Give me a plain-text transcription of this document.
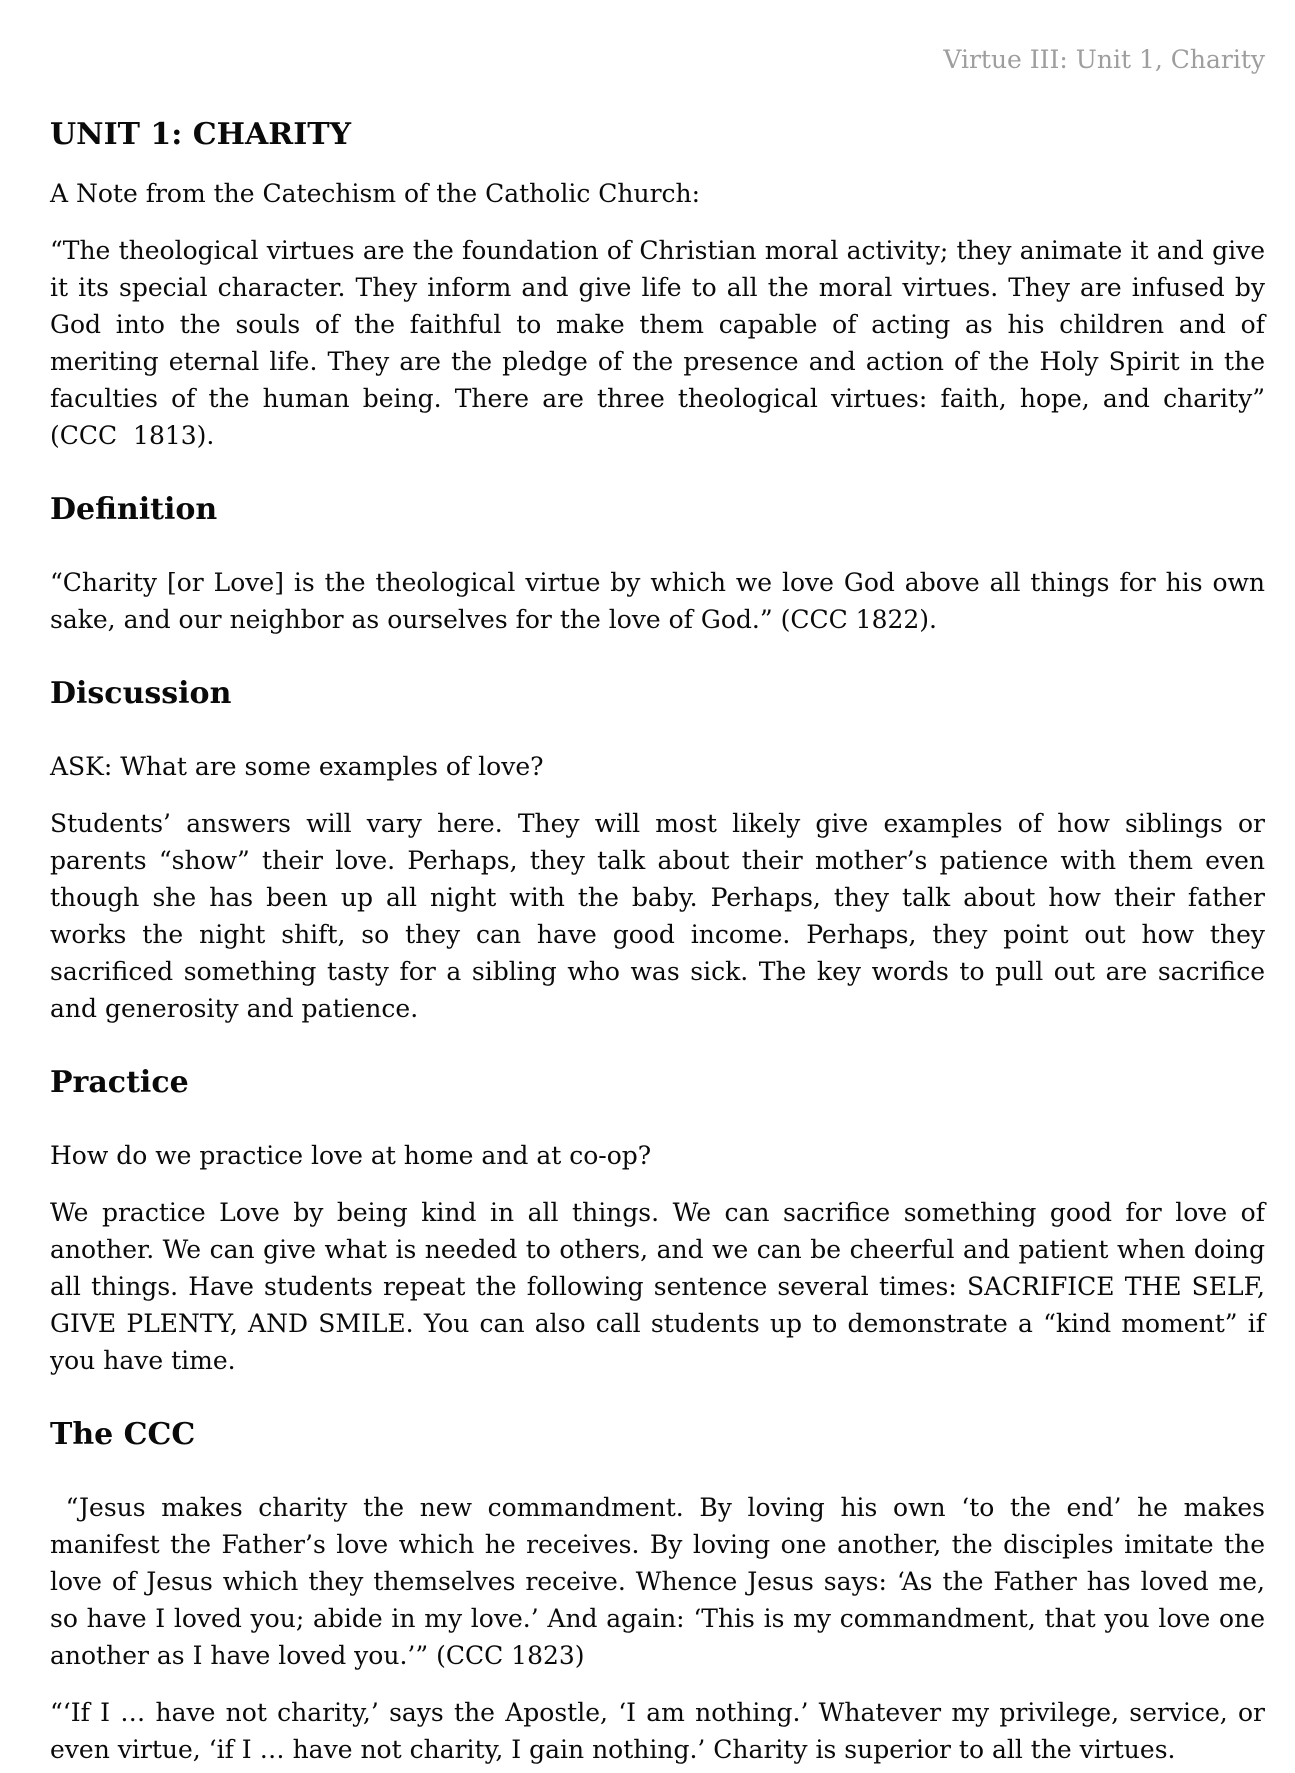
Virtue III: Unit 1, Charity
UNIT 1: CHARITY

A Note from the Catechism of the Catholic Church:

“The theological virtues are the foundation of Christian moral activity; they animate it and give it its special character. They inform and give life to all the moral virtues. They are infused by God into the souls of the faithful to make them capable of acting as his children and of meriting eternal life. They are the pledge of the presence and action of the Holy Spirit in the faculties of the human being. There are three theological virtues: faith, hope, and charity” (CCC  1813).

Definition

“Charity [or Love] is the theological virtue by which we love God above all things for his own sake, and our neighbor as ourselves for the love of God.” (CCC 1822).

Discussion

ASK: What are some examples of love?

Students’ answers will vary here. They will most likely give examples of how siblings or parents “show” their love. Perhaps, they talk about their mother’s patience with them even though she has been up all night with the baby. Perhaps, they talk about how their father works the night shift, so they can have good income. Perhaps, they point out how they sacrificed something tasty for a sibling who was sick. The key words to pull out are sacrifice and generosity and patience.

Practice

How do we practice love at home and at co-op?

We practice Love by being kind in all things. We can sacrifice something good for love of another. We can give what is needed to others, and we can be cheerful and patient when doing all things. Have students repeat the following sentence several times: SACRIFICE THE SELF, GIVE PLENTY, AND SMILE. You can also call students up to demonstrate a “kind moment” if you have time.

The CCC

“Jesus makes charity the new commandment. By loving his own ‘to the end’ he makes manifest the Father’s love which he receives. By loving one another, the disciples imitate the love of Jesus which they themselves receive. Whence Jesus says: ‘As the Father has loved me, so have I loved you; abide in my love.’ And again: ‘This is my commandment, that you love one another as I have loved you.’” (CCC 1823)

“‘If I … have not charity,’ says the Apostle, ‘I am nothing.’ Whatever my privilege, service, or even virtue, ‘if I … have not charity, I gain nothing.’ Charity is superior to all the virtues.
